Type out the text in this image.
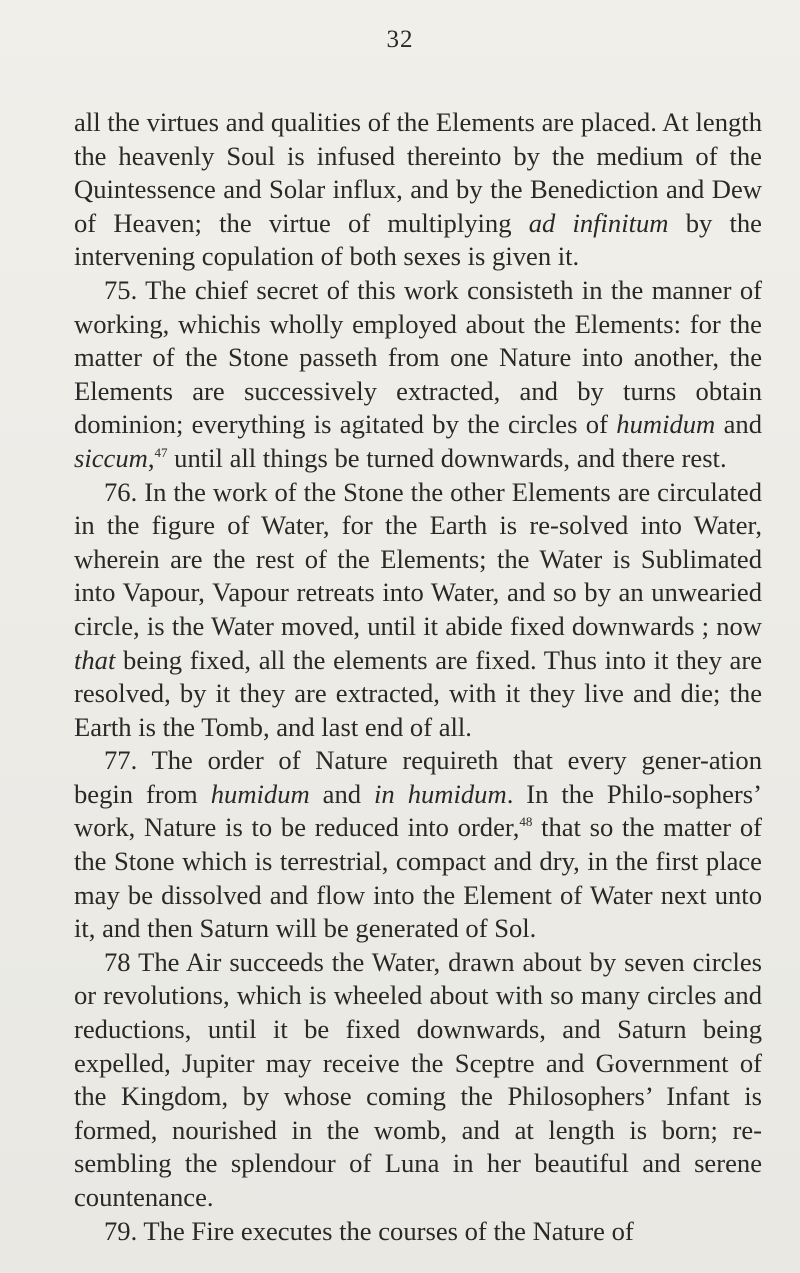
32

all the virtues and qualities of the Elements are placed. At length the heavenly Soul is infused thereinto by the medium of the Quintessence and Solar influx, and by the Benediction and Dew of Heaven; the virtue of multiplying ad infinitum by the intervening copulation of both sexes is given it.

75. The chief secret of this work consisteth in the manner of working, whichis wholly employed about the Elements: for the matter of the Stone passeth from one Nature into another, the Elements are successively extracted, and by turns obtain dominion; everything is agitated by the circles of humidum and siccum,$^{47}$ until all things be turned downwards, and there rest.

76. In the work of the Stone the other Elements are circulated in the figure of Water, for the Earth is re-solved into Water, wherein are the rest of the Elements; the Water is Sublimated into Vapour, Vapour retreats into Water, and so by an unwearied circle, is the Water moved, until it abide fixed downwards ; now that being fixed, all the elements are fixed. Thus into it they are resolved, by it they are extracted, with it they live and die; the Earth is the Tomb, and last end of all.

77. The order of Nature requireth that every gener-ation begin from humidum and in humidum. In the Philo-sophers’ work, Nature is to be reduced into order,$^{48}$ that so the matter of the Stone which is terrestrial, compact and dry, in the first place may be dissolved and flow into the Element of Water next unto it, and then Saturn will be generated of Sol.

78 The Air succeeds the Water, drawn about by seven circles or revolutions, which is wheeled about with so many circles and reductions, until it be fixed downwards, and Saturn being expelled, Jupiter may receive the Sceptre and Government of the Kingdom, by whose coming the Philosophers’ Infant is formed, nourished in the womb, and at length is born; re-sembling the splendour of Luna in her beautiful and serene countenance.

79. The Fire executes the courses of the Nature of
